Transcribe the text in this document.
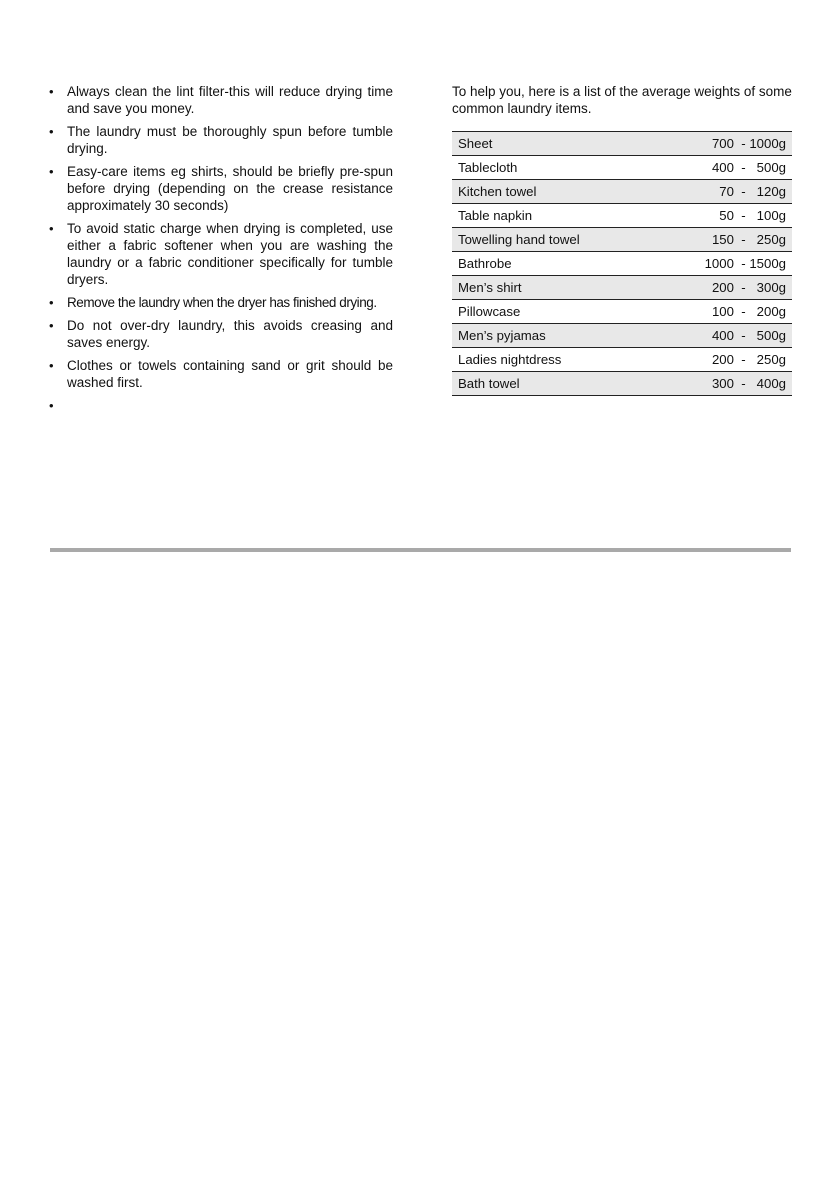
• Always clean the lint filter-this will reduce drying time and save you money.
• The laundry must be thoroughly spun before tumble drying.
• Easy-care items eg shirts, should be briefly pre-spun before drying (depending on the crease resistance approximately 30 seconds)
• To avoid static charge when drying is completed, use either a fabric softener when you are washing the laundry or a fabric conditioner specifically for tumble dryers.
• Remove the laundry when the dryer has finished drying.
• Do not over-dry laundry, this avoids creasing and saves energy.
• Clothes or towels containing sand or grit should be washed first.
•

To help you, here is a list of the average weights of some common laundry items.

Sheet	700  - 1000g
Tablecloth	400  -   500g
Kitchen towel	70  -   120g
Table napkin	50  -   100g
Towelling hand towel	150  -   250g
Bathrobe	1000  - 1500g
Men’s shirt	200  -   300g
Pillowcase	100  -   200g
Men’s pyjamas	400  -   500g
Ladies nightdress	200  -   250g
Bath towel	300  -   400g
